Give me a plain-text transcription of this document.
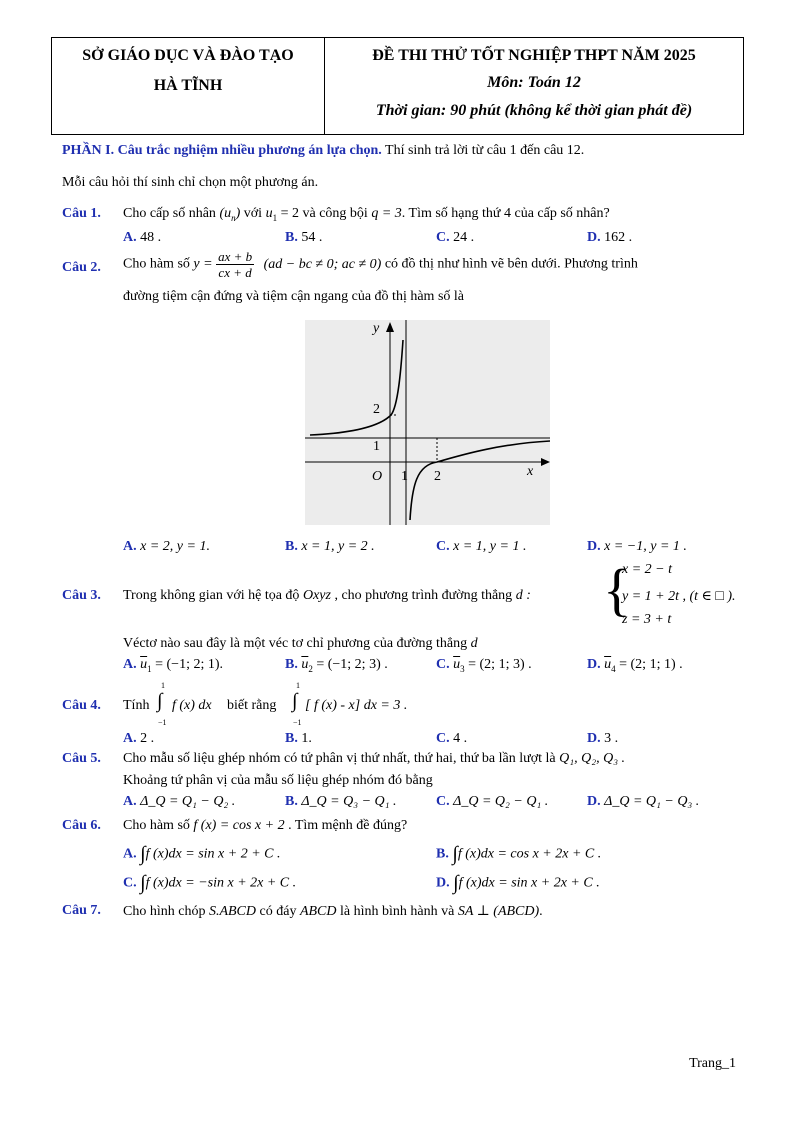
SỞ GIÁO DỤC VÀ ĐÀO TẠO
HÀ TĨNH

ĐỀ THI THỬ TỐT NGHIỆP THPT NĂM 2025
Môn: Toán 12
Thời gian: 90 phút (không kể thời gian phát đề)
PHẦN I. Câu trắc nghiệm nhiều phương án lựa chọn. Thí sinh trả lời từ câu 1 đến câu 12.
Mỗi câu hỏi thí sinh chỉ chọn một phương án.
Câu 1. Cho cấp số nhân $(u_n)$ với $u_1 = 2$ và công bội q = 3. Tìm số hạng thứ 4 của cấp số nhân?
A. 48 .	B. 54 .	C. 24 .	D. 162 .
Câu 2. Cho hàm số $y = \frac{ax + b}{cx + d} (ad$ − bc ≠ 0; ac ≠ 0) có đồ thị như hình vẽ bên dưới. Phương trình
đường tiệm cận đứng và tiệm cận ngang của đồ thị hàm số là
y
x
O 1 2
1
2
A. x = 2, y = 1.	B. x = 1, y = 2 .	C. x = 1, y = 1 .	D. x = −1, y = 1 .
Câu 3. Trong không gian với hệ tọa độ Oxyz , cho phương trình đường thẳng d : {
x = 2 − t
y = 1 + 2t , (t ∈ □ ).
z = 3 + t
Véctơ nào sau đây là một véc tơ chỉ phương của đường thẳng d
A. $\overline{u}_1 = (-1$; 2; 1).	B. $\overline{u}_2 = (-1$; 2; 3) .	C. $\overline{u}_3 = (2$; 1; 3) .	D. $\overline{u}_4 = (2$; 1; 1) .
Câu 4. Tính
1
∫
−1
f (x) dx biết rằng
1
∫
−1
[ f (x) - x] dx = 3 .
A. 2 .	B. 1.	C. 4 .	D. 3 .
Câu 5. Cho mẫu số liệu ghép nhóm có tứ phân vị thứ nhất, thứ hai, thứ ba lần lượt là Q₁, Q₂, Q₃ .
Khoảng tứ phân vị của mẫu số liệu ghép nhóm đó bằng
A. Δ_Q = Q₁ − Q₂ .	B. Δ_Q = Q₃ − Q₁ .	C. Δ_Q = Q₂ − Q₁ .	D. Δ_Q = Q₁ − Q₃ .
Câu 6. Cho hàm số f (x) = cos x + 2 . Tìm mệnh đề đúng?
A. ∫f (x)dx = sin x + 2 + C .	B. ∫f (x)dx = cos x + 2x + C .
C. ∫f (x)dx = −sin x + 2x + C .	D. ∫f (x)dx = sin x + 2x + C .
Câu 7. Cho hình chóp S.ABCD có đáy ABCD là hình bình hành và SA ⊥ (ABCD).
Trang_1
